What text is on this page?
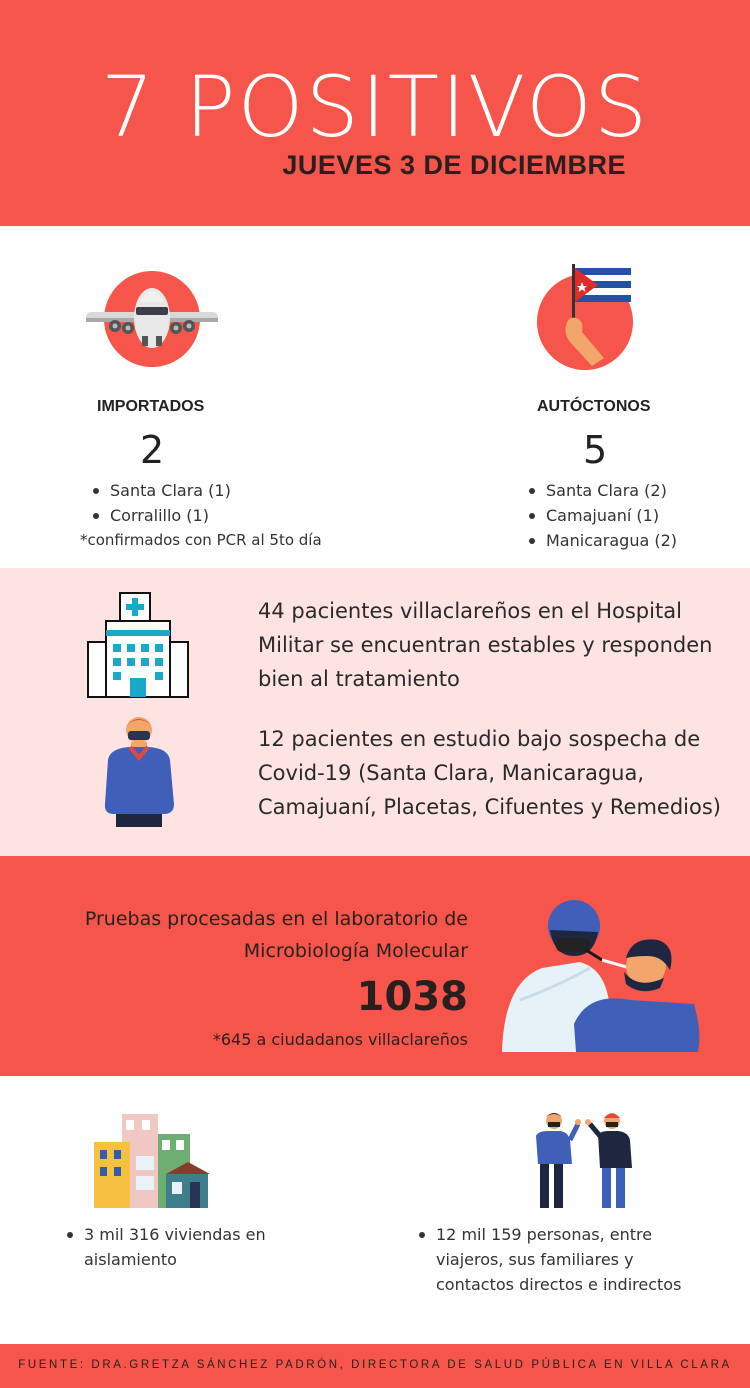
7 POSITIVOS
JUEVES 3 DE DICIEMBRE
IMPORTADOS
2
Santa Clara (1)
Corralillo (1)
*confirmados con PCR al 5to día
AUTÓCTONOS
5
Santa Clara (2)
Camajuaní (1)
Manicaragua (2)
44 pacientes villaclareños en el Hospital
Militar se encuentran estables y responden
bien al tratamiento
12 pacientes en estudio bajo sospecha de
Covid-19 (Santa Clara, Manicaragua,
Camajuaní, Placetas, Cifuentes y Remedios)
Pruebas procesadas en el laboratorio de
Microbiología Molecular
1038
*645 a ciudadanos villaclareños
3 mil 316 viviendas en
aislamiento
12 mil 159 personas, entre
viajeros, sus familiares y
contactos directos e indirectos
FUENTE: DRA.GRETZA SÁNCHEZ PADRÓN, DIRECTORA DE SALUD PÚBLICA EN VILLA CLARA
